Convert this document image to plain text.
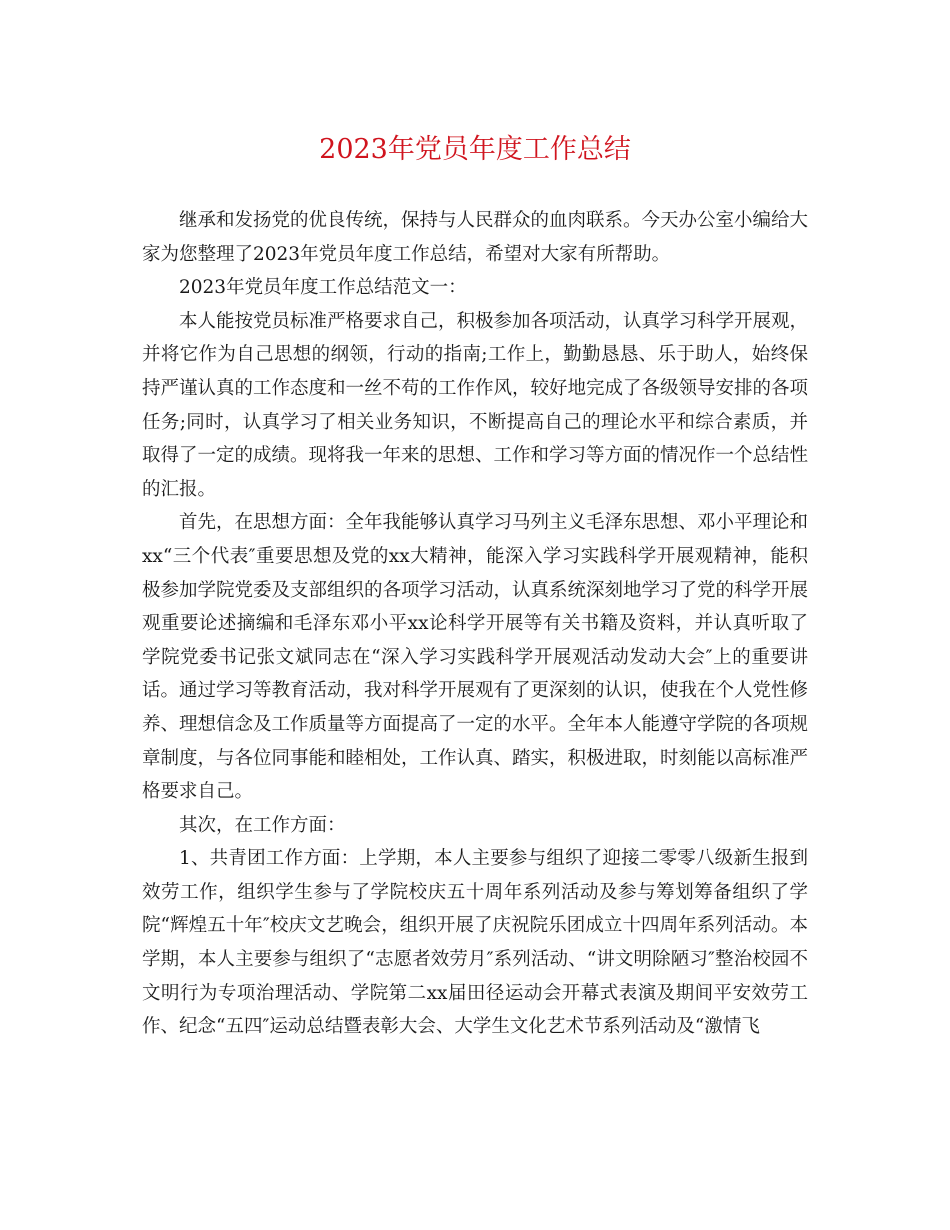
2023年党员年度工作总结

继承和发扬党的优良传统，保持与人民群众的血肉联系。今天办公室小编给大家为您整理了2023年党员年度工作总结，希望对大家有所帮助。

2023年党员年度工作总结范文一：

本人能按党员标准严格要求自己，积极参加各项活动，认真学习科学开展观，并将它作为自己思想的纲领，行动的指南;工作上，勤勤恳恳、乐于助人，始终保持严谨认真的工作态度和一丝不苟的工作作风，较好地完成了各级领导安排的各项任务;同时，认真学习了相关业务知识，不断提高自己的理论水平和综合素质，并取得了一定的成绩。现将我一年来的思想、工作和学习等方面的情况作一个总结性的汇报。

首先，在思想方面：全年我能够认真学习马列主义毛泽东思想、邓小平理论和xx“三个代表″重要思想及党的xx大精神，能深入学习实践科学开展观精神，能积极参加学院党委及支部组织的各项学习活动，认真系统深刻地学习了党的科学开展观重要论述摘编和毛泽东邓小平xx论科学开展等有关书籍及资料，并认真听取了学院党委书记张文斌同志在“深入学习实践科学开展观活动发动大会″上的重要讲话。通过学习等教育活动，我对科学开展观有了更深刻的认识，使我在个人党性修养、理想信念及工作质量等方面提高了一定的水平。全年本人能遵守学院的各项规章制度，与各位同事能和睦相处，工作认真、踏实，积极进取，时刻能以高标准严格要求自己。

其次，在工作方面：

1、共青团工作方面：上学期，本人主要参与组织了迎接二零零八级新生报到效劳工作，组织学生参与了学院校庆五十周年系列活动及参与筹划筹备组织了学院“辉煌五十年″校庆文艺晚会，组织开展了庆祝院乐团成立十四周年系列活动。本学期，本人主要参与组织了“志愿者效劳月″系列活动、“讲文明除陋习″整治校园不文明行为专项治理活动、学院第二xx届田径运动会开幕式表演及期间平安效劳工作、纪念“五四″运动总结暨表彰大会、大学生文化艺术节系列活动及“激情飞
